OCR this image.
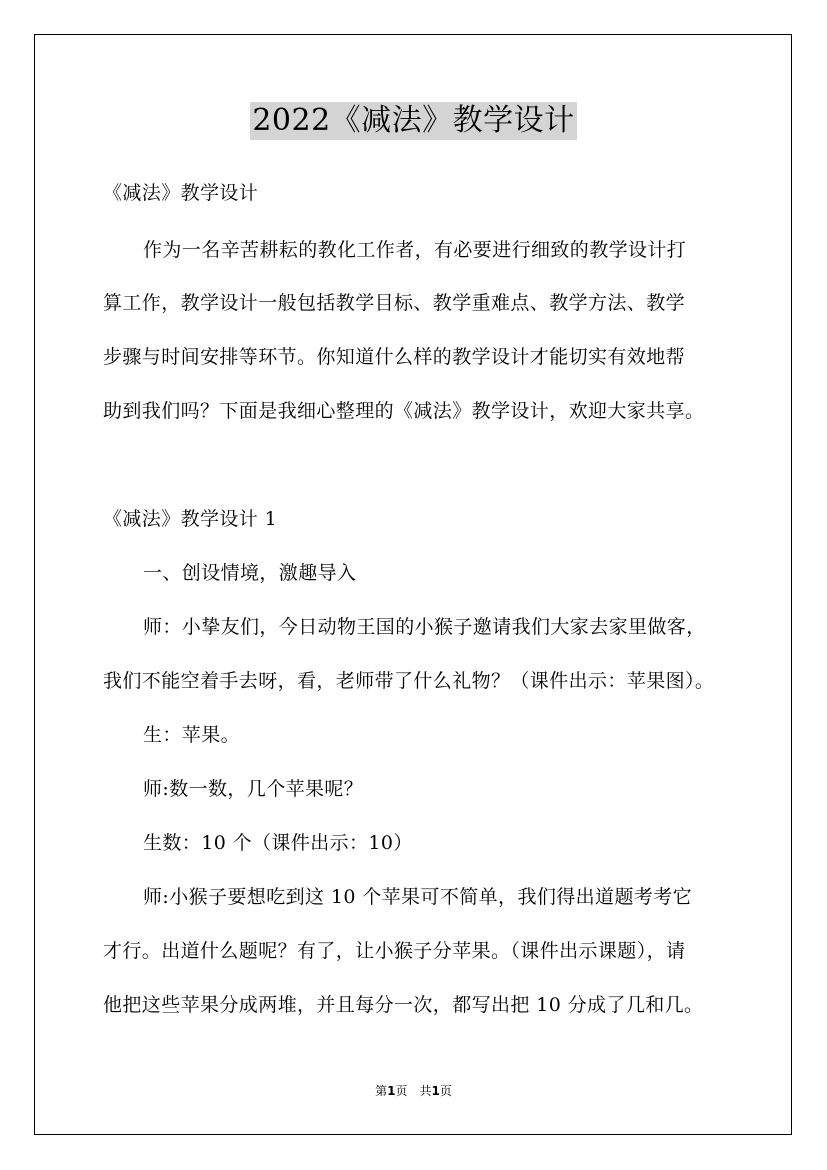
2022《减法》教学设计
《减法》教学设计
作为一名辛苦耕耘的教化工作者，有必要进行细致的教学设计打
算工作，教学设计一般包括教学目标、教学重难点、教学方法、教学
步骤与时间安排等环节。你知道什么样的教学设计才能切实有效地帮
助到我们吗？下面是我细心整理的《减法》教学设计，欢迎大家共享。
《减法》教学设计 1
一、创设情境，激趣导入
师：小挚友们，今日动物王国的小猴子邀请我们大家去家里做客，
我们不能空着手去呀，看，老师带了什么礼物？（课件出示：苹果图）。
生：苹果。
师:数一数，几个苹果呢？
生数：10 个（课件出示：10）
师:小猴子要想吃到这 10 个苹果可不简单，我们得出道题考考它
才行。出道什么题呢？有了，让小猴子分苹果。（课件出示课题），请
他把这些苹果分成两堆，并且每分一次，都写出把 10 分成了几和几。
第1页　共1页
